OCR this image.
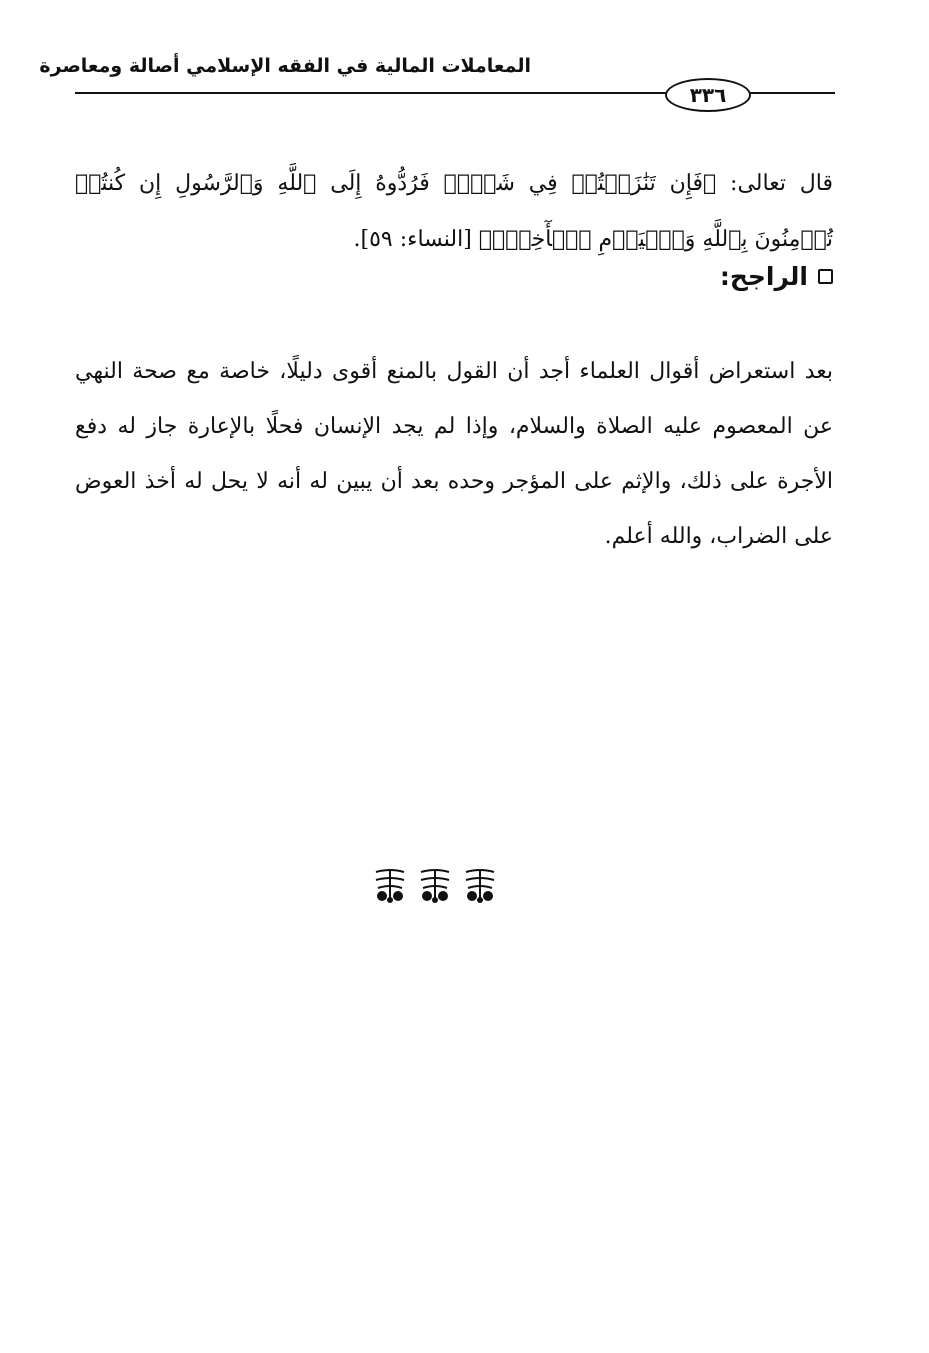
المعاملات المالية في الفقه الإسلامي أصالة ومعاصرة
٣٣٦

قال تعالى: ﴿فَإِن تَنَٰزَعۡتُمۡ فِي شَيۡءٖ فَرُدُّوهُ إِلَى ٱللَّهِ وَٱلرَّسُولِ إِن كُنتُمۡ تُؤۡمِنُونَ بِٱللَّهِ وَٱلۡيَوۡمِ ٱلۡأٓخِرِۚ﴾ [النساء: ٥٩].

الراجح:

بعد استعراض أقوال العلماء أجد أن القول بالمنع أقوى دليلًا، خاصة مع صحة النهي عن المعصوم عليه الصلاة والسلام، وإذا لم يجد الإنسان فحلًا بالإعارة جاز له دفع الأجرة على ذلك، والإثم على المؤجر وحده بعد أن يبين له أنه لا يحل له أخذ العوض على الضراب، والله أعلم.
